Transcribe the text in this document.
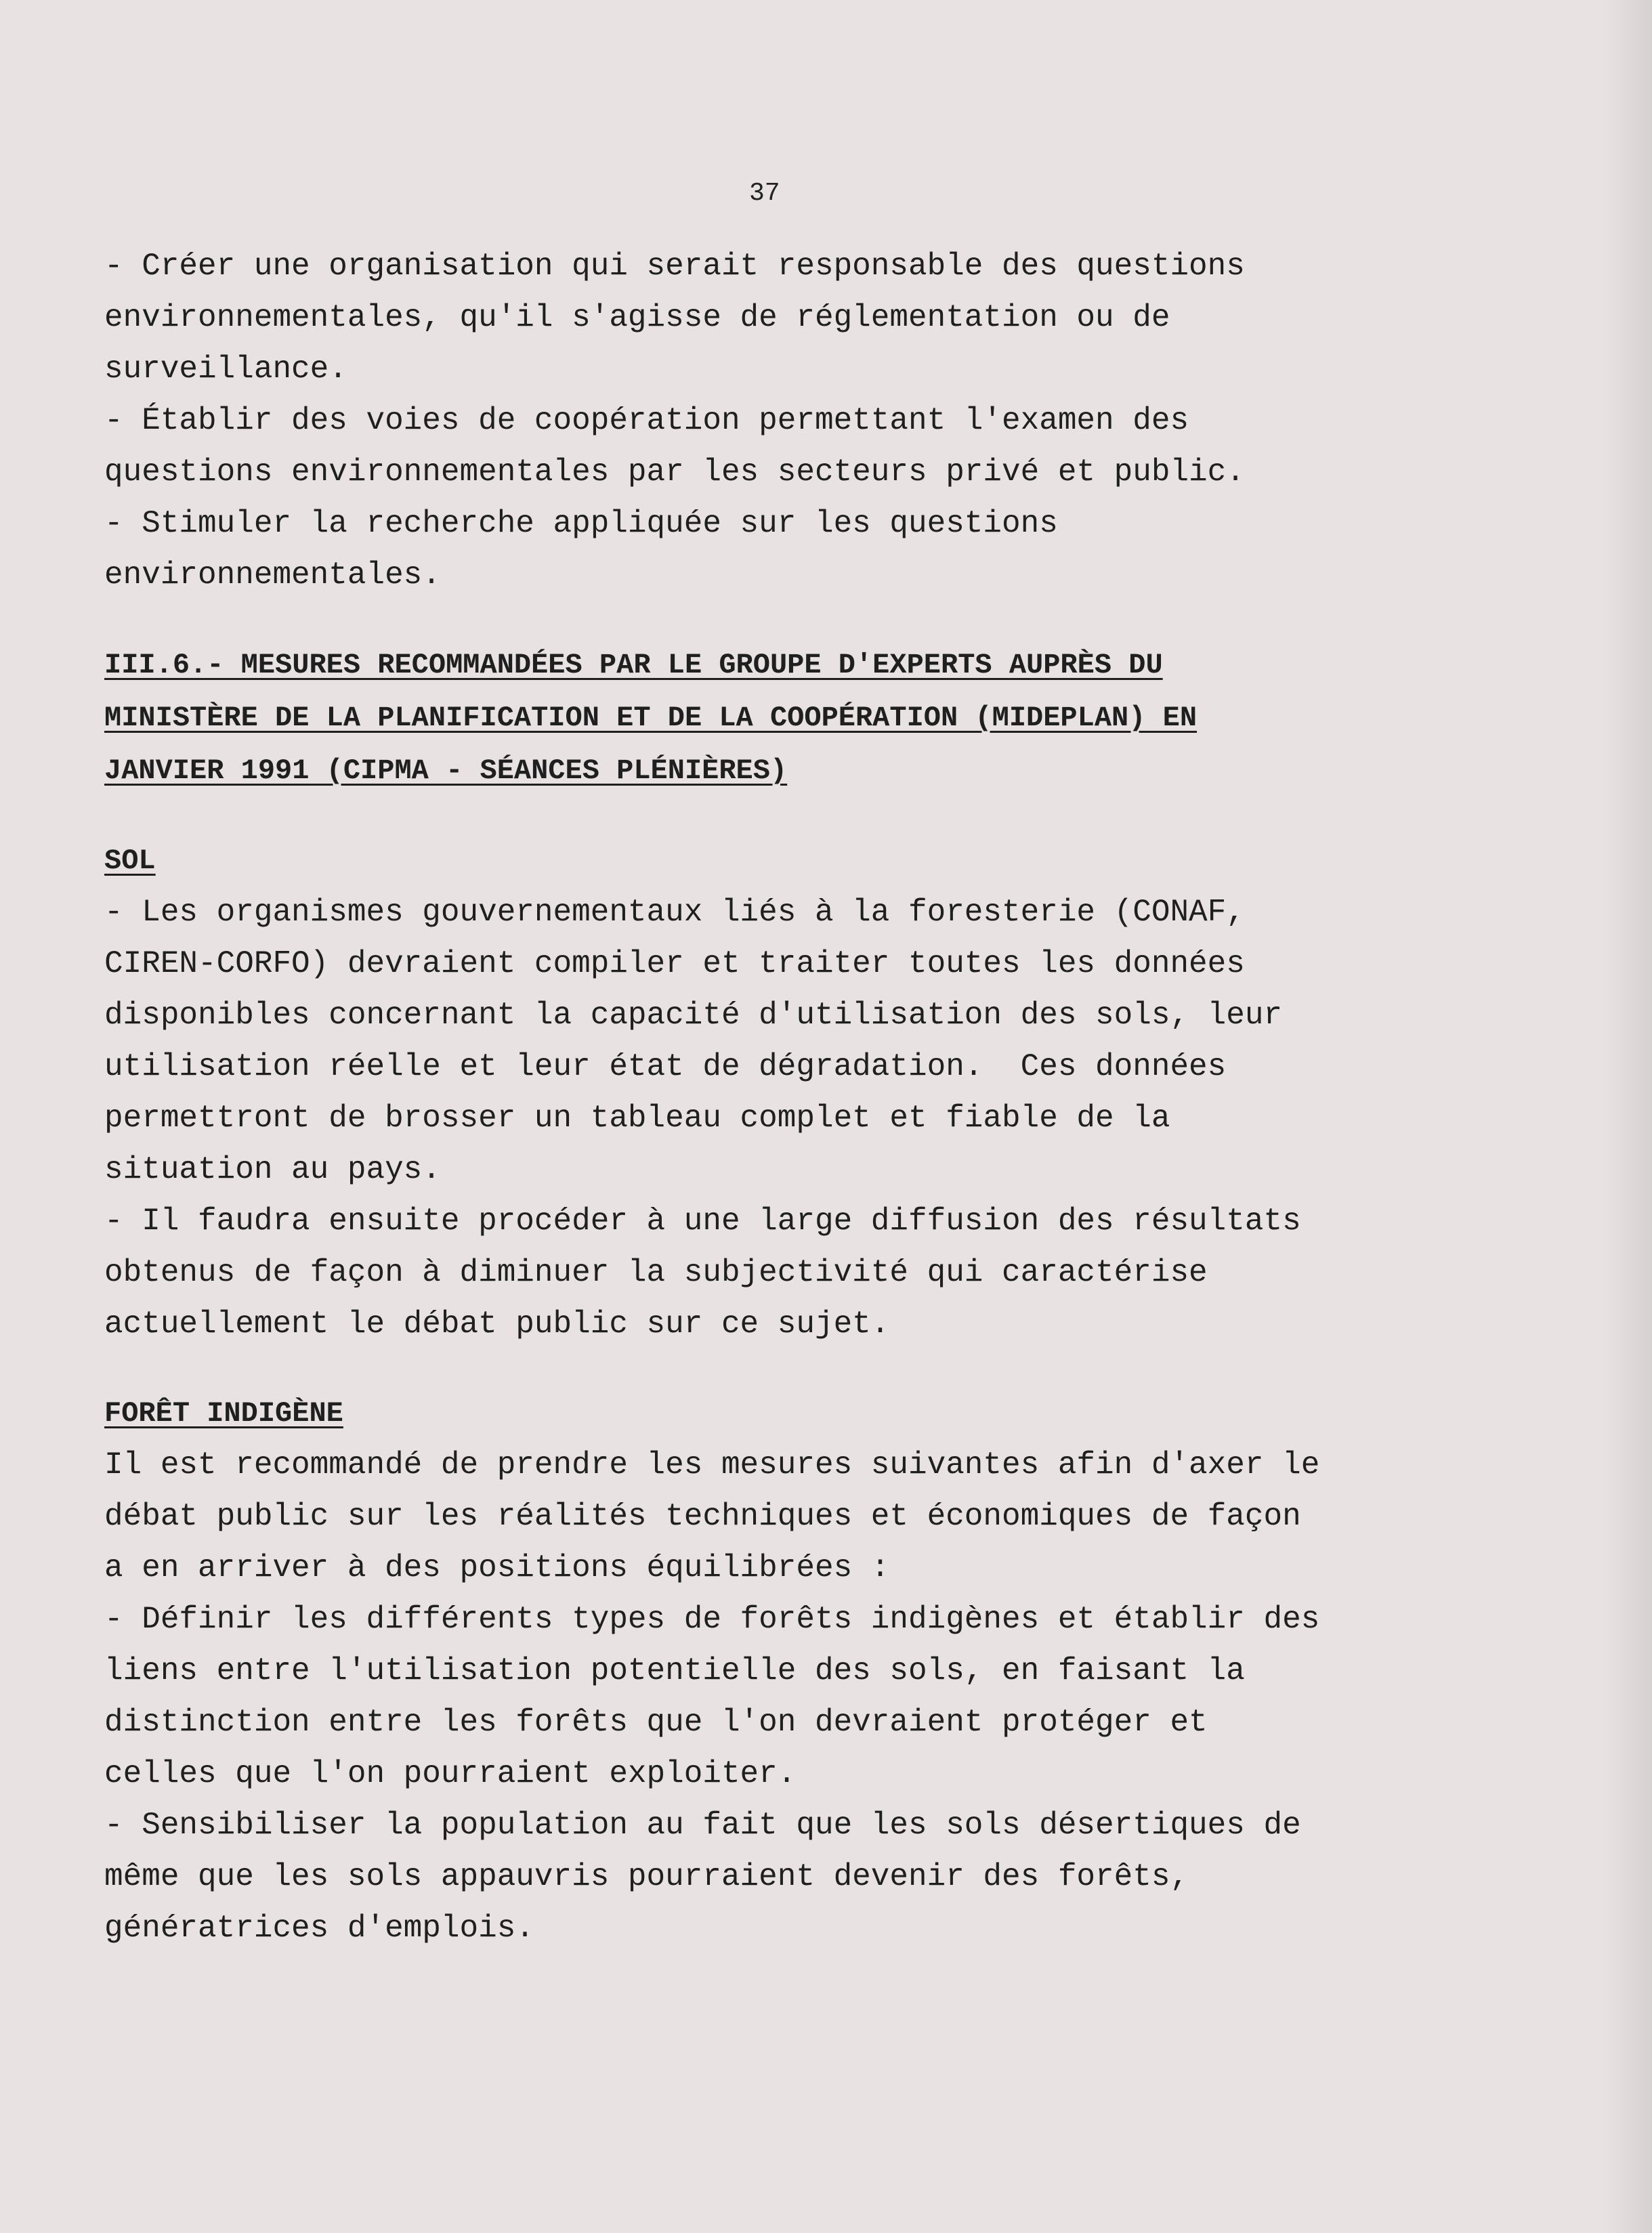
37

- Créer une organisation qui serait responsable des questions
environnementales, qu'il s'agisse de réglementation ou de
surveillance.

- Établir des voies de coopération permettant l'examen des
questions environnementales par les secteurs privé et public.

- Stimuler la recherche appliquée sur les questions
environnementales.

III.6.- MESURES RECOMMANDÉES PAR LE GROUPE D'EXPERTS AUPRÈS DU
MINISTÈRE DE LA PLANIFICATION ET DE LA COOPÉRATION (MIDEPLAN) EN
JANVIER 1991 (CIPMA - SÉANCES PLÉNIÈRES)

SOL

- Les organismes gouvernementaux liés à la foresterie (CONAF,
CIREN-CORFO) devraient compiler et traiter toutes les données
disponibles concernant la capacité d'utilisation des sols, leur
utilisation réelle et leur état de dégradation.  Ces données
permettront de brosser un tableau complet et fiable de la
situation au pays.

- Il faudra ensuite procéder à une large diffusion des résultats
obtenus de façon à diminuer la subjectivité qui caractérise
actuellement le débat public sur ce sujet.

FORÊT INDIGÈNE

Il est recommandé de prendre les mesures suivantes afin d'axer le
débat public sur les réalités techniques et économiques de façon
a en arriver à des positions équilibrées :

- Définir les différents types de forêts indigènes et établir des
liens entre l'utilisation potentielle des sols, en faisant la
distinction entre les forêts que l'on devraient protéger et
celles que l'on pourraient exploiter.

- Sensibiliser la population au fait que les sols désertiques de
même que les sols appauvris pourraient devenir des forêts,
génératrices d'emplois.
